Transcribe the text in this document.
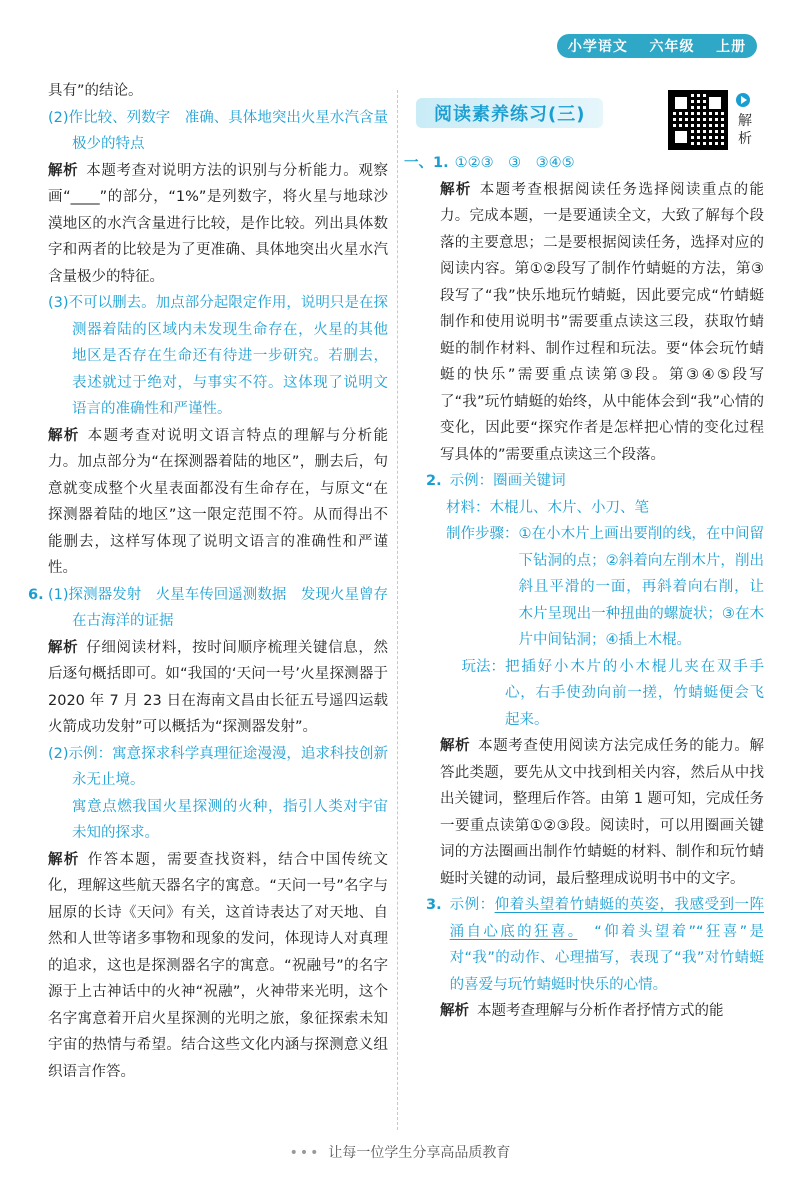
小学语文 六年级 上册

具有”的结论。

(2)作比较、列数字　准确、具体地突出火星水汽含量极少的特点

解析 本题考查对说明方法的识别与分析能力。观察画“____”的部分，“1%”是列数字，将火星与地球沙漠地区的水汽含量进行比较，是作比较。列出具体数字和两者的比较是为了更准确、具体地突出火星水汽含量极少的特征。

(3)不可以删去。加点部分起限定作用，说明只是在探测器着陆的区域内未发现生命存在，火星的其他地区是否存在生命还有待进一步研究。若删去，表述就过于绝对，与事实不符。这体现了说明文语言的准确性和严谨性。

解析 本题考查对说明文语言特点的理解与分析能力。加点部分为“在探测器着陆的地区”，删去后，句意就变成整个火星表面都没有生命存在，与原文“在探测器着陆的地区”这一限定范围不符。从而得出不能删去，这样写体现了说明文语言的准确性和严谨性。

6. (1)探测器发射　火星车传回遥测数据　发现火星曾存在古海洋的证据

解析 仔细阅读材料，按时间顺序梳理关键信息，然后逐句概括即可。如“我国的‘天问一号’火星探测器于 2020 年 7 月 23 日在海南文昌由长征五号遥四运载火箭成功发射”可以概括为“探测器发射”。

(2)示例：寓意探求科学真理征途漫漫，追求科技创新永无止境。

寓意点燃我国火星探测的火种，指引人类对宇宙未知的探求。

解析 作答本题，需要查找资料，结合中国传统文化，理解这些航天器名字的寓意。“天问一号”名字与屈原的长诗《天问》有关，这首诗表达了对天地、自然和人世等诸多事物和现象的发问，体现诗人对真理的追求，这也是探测器名字的寓意。“祝融号”的名字源于上古神话中的火神“祝融”，火神带来光明，这个名字寓意着开启火星探测的光明之旅，象征探索未知宇宙的热情与希望。结合这些文化内涵与探测意义组织语言作答。

解析
阅读素养练习(三)
一、1. ①②③　③　③④⑤

解析 本题考查根据阅读任务选择阅读重点的能力。完成本题，一是要通读全文，大致了解每个段落的主要意思；二是要根据阅读任务，选择对应的阅读内容。第①②段写了制作竹蜻蜓的方法，第③段写了“我”快乐地玩竹蜻蜓，因此要完成“竹蜻蜓制作和使用说明书”需要重点读这三段，获取竹蜻蜓的制作材料、制作过程和玩法。要“体会玩竹蜻蜓的快乐”需要重点读第③段。第③④⑤段写了“我”玩竹蜻蜓的始终，从中能体会到“我”心情的变化，因此要“探究作者是怎样把心情的变化过程写具体的”需要重点读这三个段落。

2. 示例：圈画关键词
材料： 木棍儿、木片、小刀、笔
制作步骤： ①在小木片上画出要削的线，在中间留下钻洞的点；②斜着向左削木片，削出斜且平滑的一面，再斜着向右削，让木片呈现出一种扭曲的螺旋状；③在木片中间钻洞；④插上木棍。
玩法： 把插好小木片的小木棍儿夹在双手手心，右手使劲向前一搓，竹蜻蜓便会飞起来。

解析 本题考查使用阅读方法完成任务的能力。解答此类题，要先从文中找到相关内容，然后从中找出关键词，整理后作答。由第 1 题可知，完成任务一要重点读第①②③段。阅读时，可以用圈画关键词的方法圈画出制作竹蜻蜓的材料、制作和玩竹蜻蜓时关键的动词，最后整理成说明书中的文字。

3. 示例：仰着头望着竹蜻蜓的英姿，我感受到一阵涌自心底的狂喜。　“仰着头望着”“狂喜”是对“我”的动作、心理描写，表现了“我”对竹蜻蜓的喜爱与玩竹蜻蜓时快乐的心情。

解析 本题考查理解与分析作者抒情方式的能

••• 让每一位学生分享高品质教育
